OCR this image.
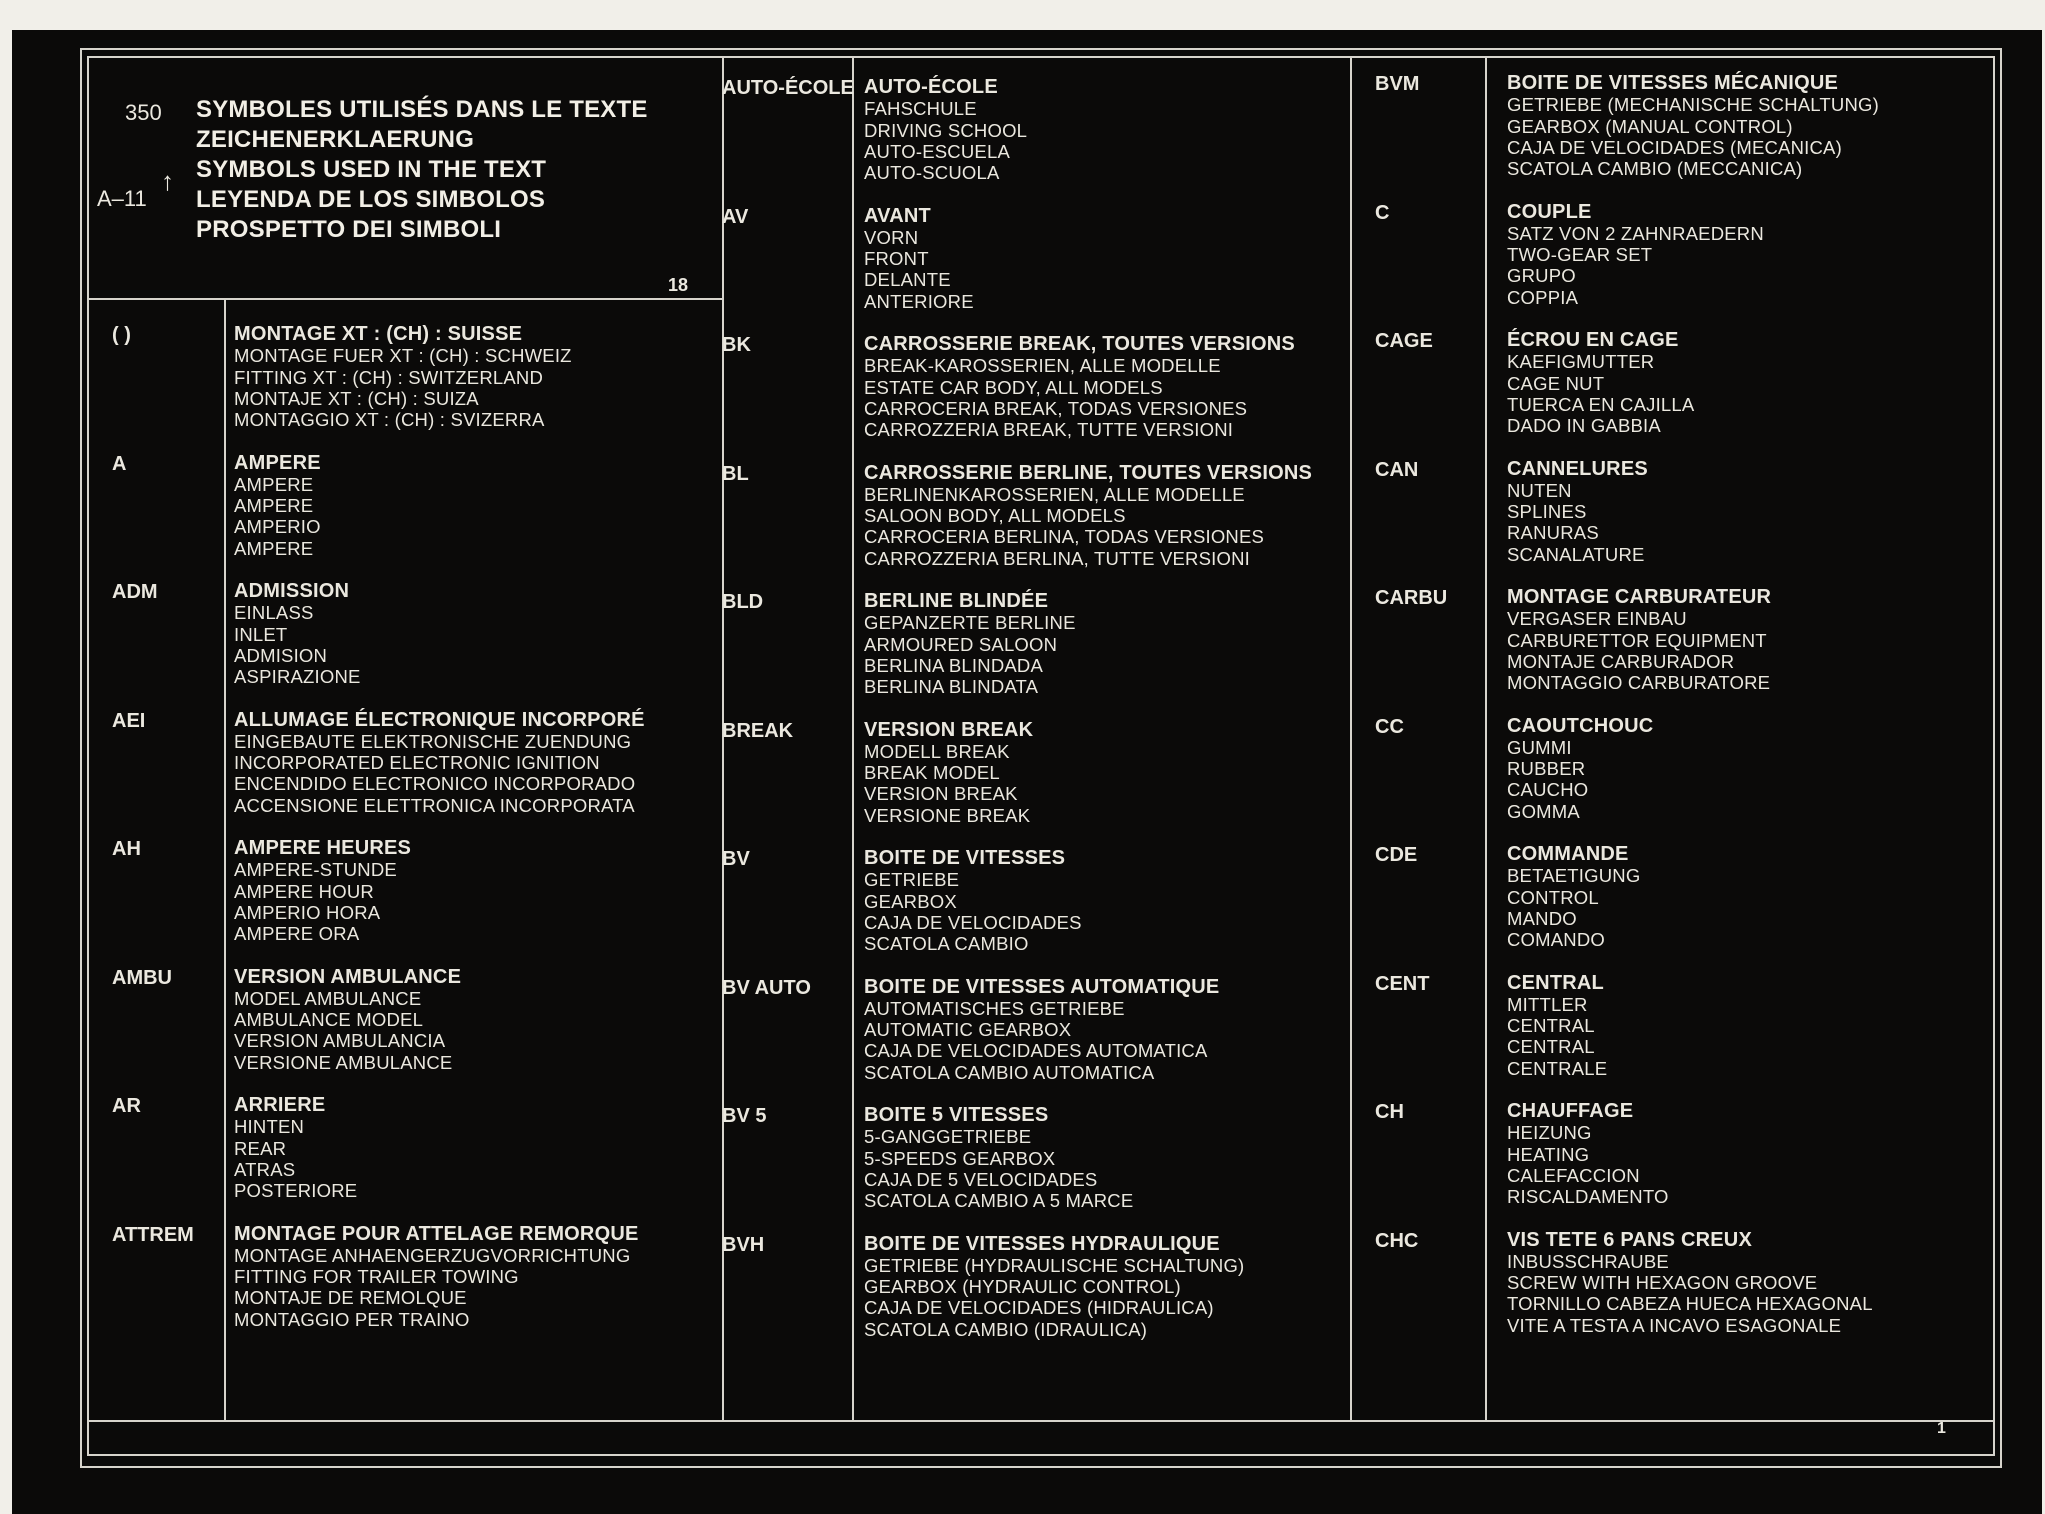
350
A–11
↑
SYMBOLES UTILISÉS DANS LE TEXTE
ZEICHENERKLAERUNG
SYMBOLS USED IN THE TEXT
LEYENDA DE LOS SIMBOLOS
PROSPETTO DEI SIMBOLI
18
( )	MONTAGE XT : (CH) : SUISSE
MONTAGE FUER XT : (CH) : SCHWEIZ
FITTING XT : (CH) : SWITZERLAND
MONTAJE XT : (CH) : SUIZA
MONTAGGIO XT : (CH) : SVIZERRA
A	AMPERE
AMPERE
AMPERE
AMPERIO
AMPERE
ADM	ADMISSION
EINLASS
INLET
ADMISION
ASPIRAZIONE
AEI	ALLUMAGE ÉLECTRONIQUE INCORPORÉ
EINGEBAUTE ELEKTRONISCHE ZUENDUNG
INCORPORATED ELECTRONIC IGNITION
ENCENDIDO ELECTRONICO INCORPORADO
ACCENSIONE ELETTRONICA INCORPORATA
AH	AMPERE HEURES
AMPERE-STUNDE
AMPERE HOUR
AMPERIO HORA
AMPERE ORA
AMBU	VERSION AMBULANCE
MODEL AMBULANCE
AMBULANCE MODEL
VERSION AMBULANCIA
VERSIONE AMBULANCE
AR	ARRIERE
HINTEN
REAR
ATRAS
POSTERIORE
ATTREM MONTAGE POUR ATTELAGE REMORQUE
MONTAGE ANHAENGERZUGVORRICHTUNG
FITTING FOR TRAILER TOWING
MONTAJE DE REMOLQUE
MONTAGGIO PER TRAINO
AUTO-ÉCOLE AUTO-ÉCOLE
FAHSCHULE
DRIVING SCHOOL
AUTO-ESCUELA
AUTO-SCUOLA
AV	AVANT
VORN
FRONT
DELANTE
ANTERIORE
BK	CARROSSERIE BREAK, TOUTES VERSIONS
BREAK-KAROSSERIEN, ALLE MODELLE
ESTATE CAR BODY, ALL MODELS
CARROCERIA BREAK, TODAS VERSIONES
CARROZZERIA BREAK, TUTTE VERSIONI
BL	CARROSSERIE BERLINE, TOUTES VERSIONS
BERLINENKAROSSERIEN, ALLE MODELLE
SALOON BODY, ALL MODELS
CARROCERIA BERLINA, TODAS VERSIONES
CARROZZERIA BERLINA, TUTTE VERSIONI
BLD	BERLINE BLINDÉE
GEPANZERTE BERLINE
ARMOURED SALOON
BERLINA BLINDADA
BERLINA BLINDATA
BREAK	VERSION BREAK
MODELL BREAK
BREAK MODEL
VERSION BREAK
VERSIONE BREAK
BV	BOITE DE VITESSES
GETRIEBE
GEARBOX
CAJA DE VELOCIDADES
SCATOLA CAMBIO
BV AUTO	BOITE DE VITESSES AUTOMATIQUE
AUTOMATISCHES GETRIEBE
AUTOMATIC GEARBOX
CAJA DE VELOCIDADES AUTOMATICA
SCATOLA CAMBIO AUTOMATICA
BV 5	BOITE 5 VITESSES
5-GANGGETRIEBE
5-SPEEDS GEARBOX
CAJA DE 5 VELOCIDADES
SCATOLA CAMBIO A 5 MARCE
BVH	BOITE DE VITESSES HYDRAULIQUE
GETRIEBE (HYDRAULISCHE SCHALTUNG)
GEARBOX (HYDRAULIC CONTROL)
CAJA DE VELOCIDADES (HIDRAULICA)
SCATOLA CAMBIO (IDRAULICA)
BVM	BOITE DE VITESSES MÉCANIQUE
GETRIEBE (MECHANISCHE SCHALTUNG)
GEARBOX (MANUAL CONTROL)
CAJA DE VELOCIDADES (MECANICA)
SCATOLA CAMBIO (MECCANICA)
C	COUPLE
SATZ VON 2 ZAHNRAEDERN
TWO-GEAR SET
GRUPO
COPPIA
CAGE	ÉCROU EN CAGE
KAEFIGMUTTER
CAGE NUT
TUERCA EN CAJILLA
DADO IN GABBIA
CAN	CANNELURES
NUTEN
SPLINES
RANURAS
SCANALATURE
CARBU	MONTAGE CARBURATEUR
VERGASER EINBAU
CARBURETTOR EQUIPMENT
MONTAJE CARBURADOR
MONTAGGIO CARBURATORE
CC	CAOUTCHOUC
GUMMI
RUBBER
CAUCHO
GOMMA
CDE	COMMANDE
BETAETIGUNG
CONTROL
MANDO
COMANDO
CENT	CENTRAL
MITTLER
CENTRAL
CENTRAL
CENTRALE
CH	CHAUFFAGE
HEIZUNG
HEATING
CALEFACCION
RISCALDAMENTO
CHC	VIS TETE 6 PANS CREUX
INBUSSCHRAUBE
SCREW WITH HEXAGON GROOVE
TORNILLO CABEZA HUECA HEXAGONAL
VITE A TESTA A INCAVO ESAGONALE
1
